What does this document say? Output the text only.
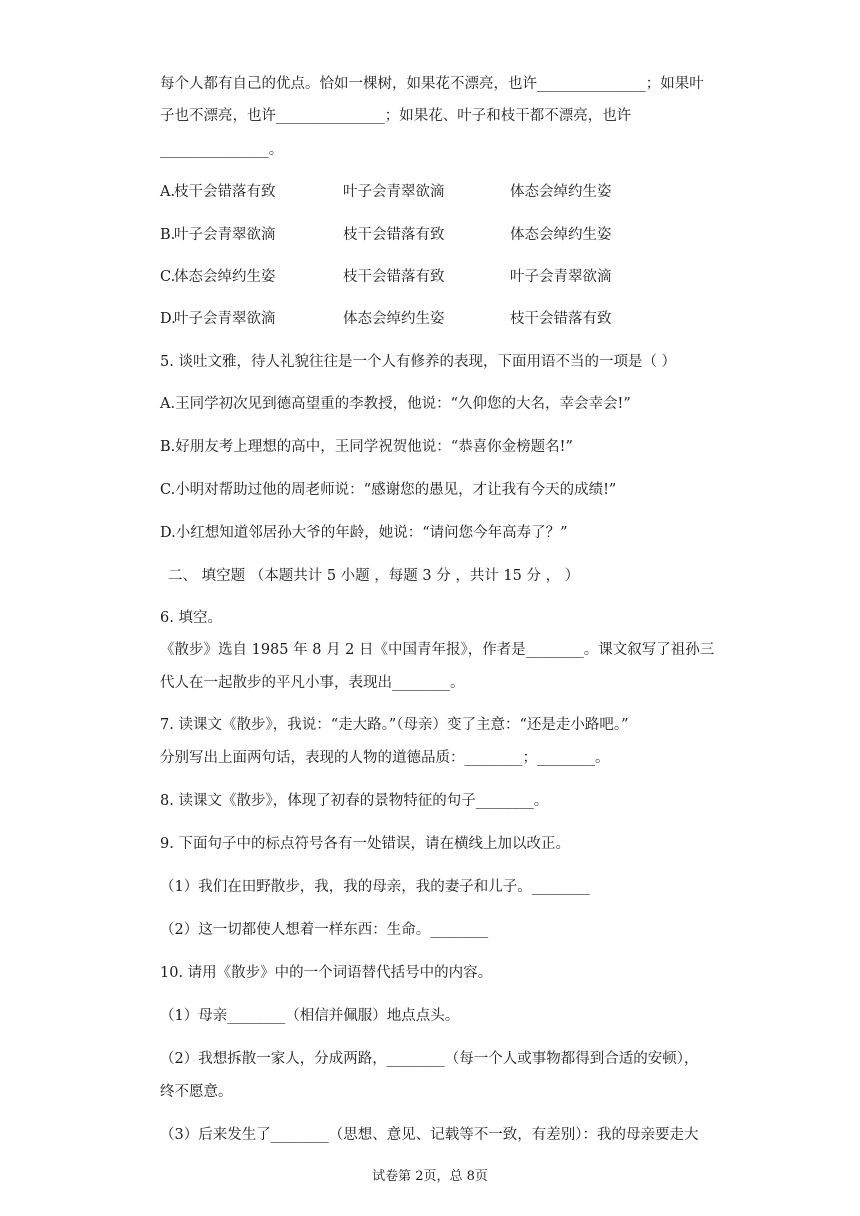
每个人都有自己的优点。恰如一棵树，如果花不漂亮，也许_______________；如果叶
子也不漂亮，也许_______________；如果花、叶子和枝干都不漂亮，也许
_______________。
A.
枝干会错落有致	叶子会青翠欲滴	体态会绰约生姿
B.
叶子会青翠欲滴	枝干会错落有致	体态会绰约生姿
C.
体态会绰约生姿	枝干会错落有致	叶子会青翠欲滴
D.
叶子会青翠欲滴	体态会绰约生姿	枝干会错落有致
5. 谈吐文雅，待人礼貌往往是一个人有修养的表现，下面用语不当的一项是（ ）
A.王同学初次见到德高望重的李教授，他说：“久仰您的大名，幸会幸会!”
B.好朋友考上理想的高中，王同学祝贺他说：“恭喜你金榜题名!”
C.小明对帮助过他的周老师说：“感谢您的愚见，才让我有今天的成绩!”
D.小红想知道邻居孙大爷的年龄，她说：“请问您今年高寿了？”
二、 填空题 （本题共计 5 小题 ，每题 3 分 ，共计 15 分 ， ）
6. 填空。
《散步》选自 1985 年 8 月 2 日《中国青年报》，作者是________。课文叙写了祖孙三
代人在一起散步的平凡小事，表现出________。
7. 读课文《散步》，我说：“走大路。”（母亲）变了主意：“还是走小路吧。”
分别写出上面两句话，表现的人物的道德品质：________；________。
8. 读课文《散步》，体现了初春的景物特征的句子________。
9. 下面句子中的标点符号各有一处错误，请在横线上加以改正。
（1）我们在田野散步，我，我的母亲，我的妻子和儿子。________
（2）这一切都使人想着一样东西：生命。________
10. 请用《散步》中的一个词语替代括号中的内容。
（1）母亲________（相信并佩服）地点点头。
（2）我想拆散一家人，分成两路，________（每一个人或事物都得到合适的安顿），
终不愿意。
（3）后来发生了________（思想、意见、记载等不一致，有差别）：我的母亲要走大
试卷第 2页，总 8页
